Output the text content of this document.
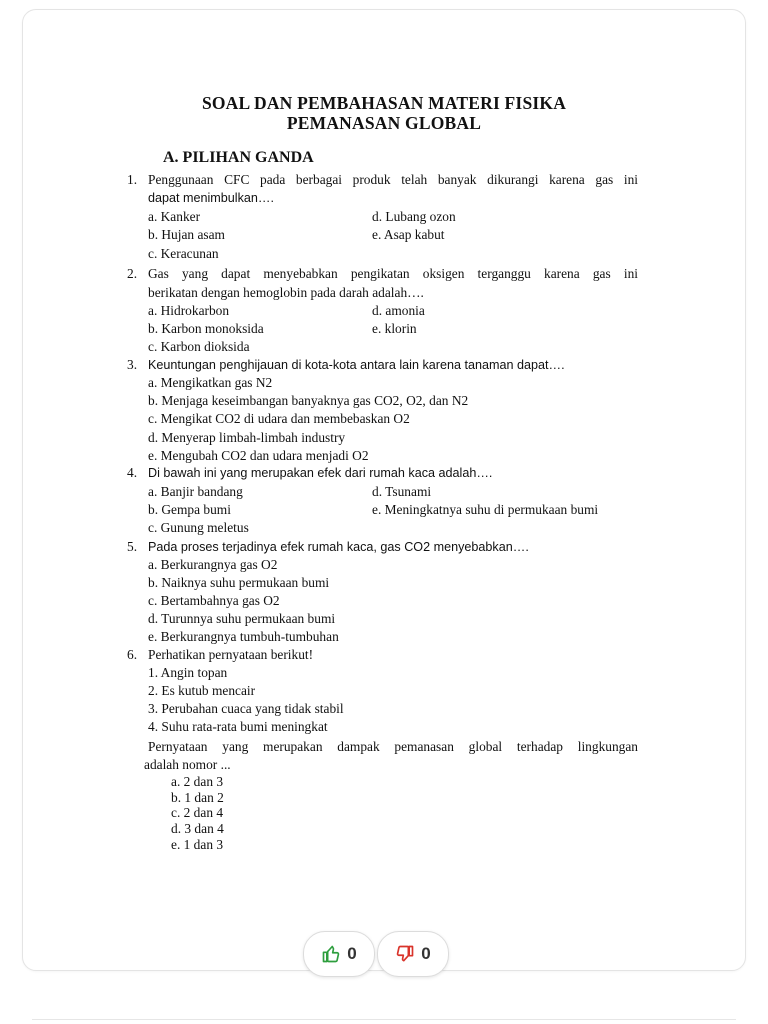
SOAL DAN PEMBAHASAN MATERI FISIKA
PEMANASAN GLOBAL
A. PILIHAN GANDA
1. Penggunaan CFC pada berbagai produk telah banyak dikurangi karena gas ini
dapat menimbulkan….
a. Kanker
b. Hujan asam
c. Keracunan
d. Lubang ozon
e. Asap kabut
2. Gas yang dapat menyebabkan pengikatan oksigen terganggu karena gas ini
berikatan dengan hemoglobin pada darah adalah….
a. Hidrokarbon
b. Karbon monoksida
c. Karbon dioksida
d. amonia
e. klorin
3. Keuntungan penghijauan di kota-kota antara lain karena tanaman dapat….
a. Mengikatkan gas N2
b. Menjaga keseimbangan banyaknya gas CO2, O2, dan N2
c. Mengikat CO2 di udara dan membebaskan O2
d. Menyerap limbah-limbah industry
e. Mengubah CO2 dan udara menjadi O2
4. Di bawah ini yang merupakan efek dari rumah kaca adalah….
a. Banjir bandang
b. Gempa bumi
c. Gunung meletus
d. Tsunami
e. Meningkatnya suhu di permukaan bumi
5. Pada proses terjadinya efek rumah kaca, gas CO2 menyebabkan….
a. Berkurangnya gas O2
b. Naiknya suhu permukaan bumi
c. Bertambahnya gas O2
d. Turunnya suhu permukaan bumi
e. Berkurangnya tumbuh-tumbuhan
6. Perhatikan pernyataan berikut!
1. Angin topan
2. Es kutub mencair
3. Perubahan cuaca yang tidak stabil
4. Suhu rata-rata bumi meningkat
Pernyataan yang merupakan dampak pemanasan global terhadap lingkungan
adalah nomor ...
a. 2 dan 3
b. 1 dan 2
c. 2 dan 4
d. 3 dan 4
e. 1 dan 3
0	0
